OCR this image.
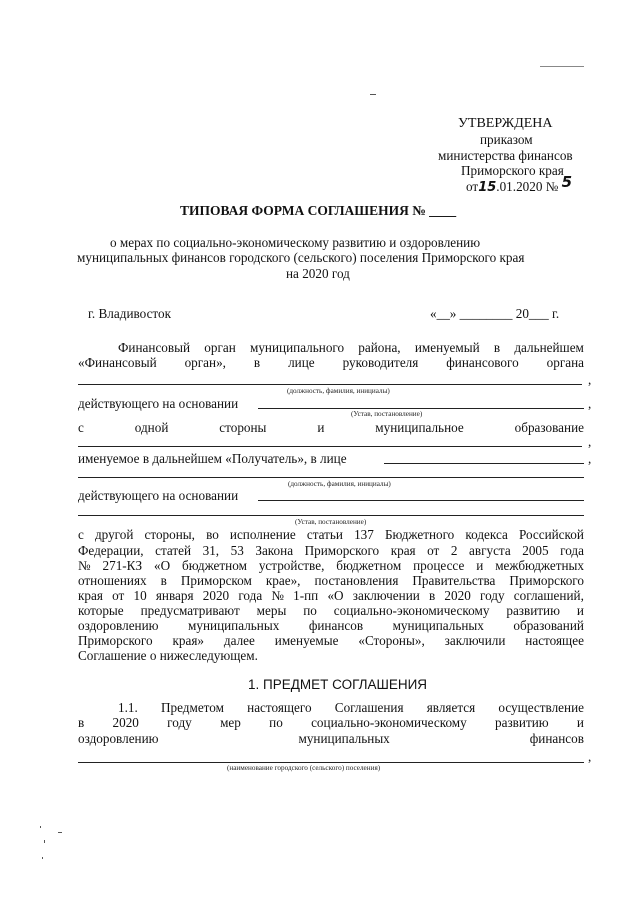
УТВЕРЖДЕНА
приказом
министерства финансов
Приморского края
от15.01.2020 № 5
ТИПОВАЯ ФОРМА СОГЛАШЕНИЯ № ____
о мерах по социально-экономическому развитию и оздоровлению
муниципальных финансов городского (сельского) поселения Приморского края
на 2020 год
г. Владивосток	«__» ________ 20___ г.
Финансовый орган муниципального района, именуемый в дальнейшем
«Финансовый орган», в лице руководителя финансового органа
,
(должность, фамилия, инициалы)
действующего на основании	,
(Устав, постановление)
с	одной	стороны	и	муниципальное	образование
,
именуемое в дальнейшем «Получатель», в лице	,
(должность, фамилия, инициалы)
действующего на основании
(Устав, постановление)
с другой стороны, во исполнение статьи 137 Бюджетного кодекса Российской
Федерации, статей 31, 53 Закона Приморского края от 2 августа 2005 года
№ 271-КЗ «О бюджетном устройстве, бюджетном процессе и межбюджетных
отношениях в Приморском крае», постановления Правительства Приморского
края от 10 января 2020 года № 1-пп «О заключении в 2020 году соглашений,
которые предусматривают меры по социально-экономическому развитию и
оздоровлению муниципальных финансов муниципальных образований
Приморского края» далее именуемые «Стороны», заключили настоящее
Соглашение о нижеследующем.
1. ПРЕДМЕТ СОГЛАШЕНИЯ
1.1. Предметом настоящего Соглашения является осуществление
в 2020 году мер по социально-экономическому развитию и
оздоровлению	муниципальных	финансов
,
(наименование городского (сельского) поселения)
